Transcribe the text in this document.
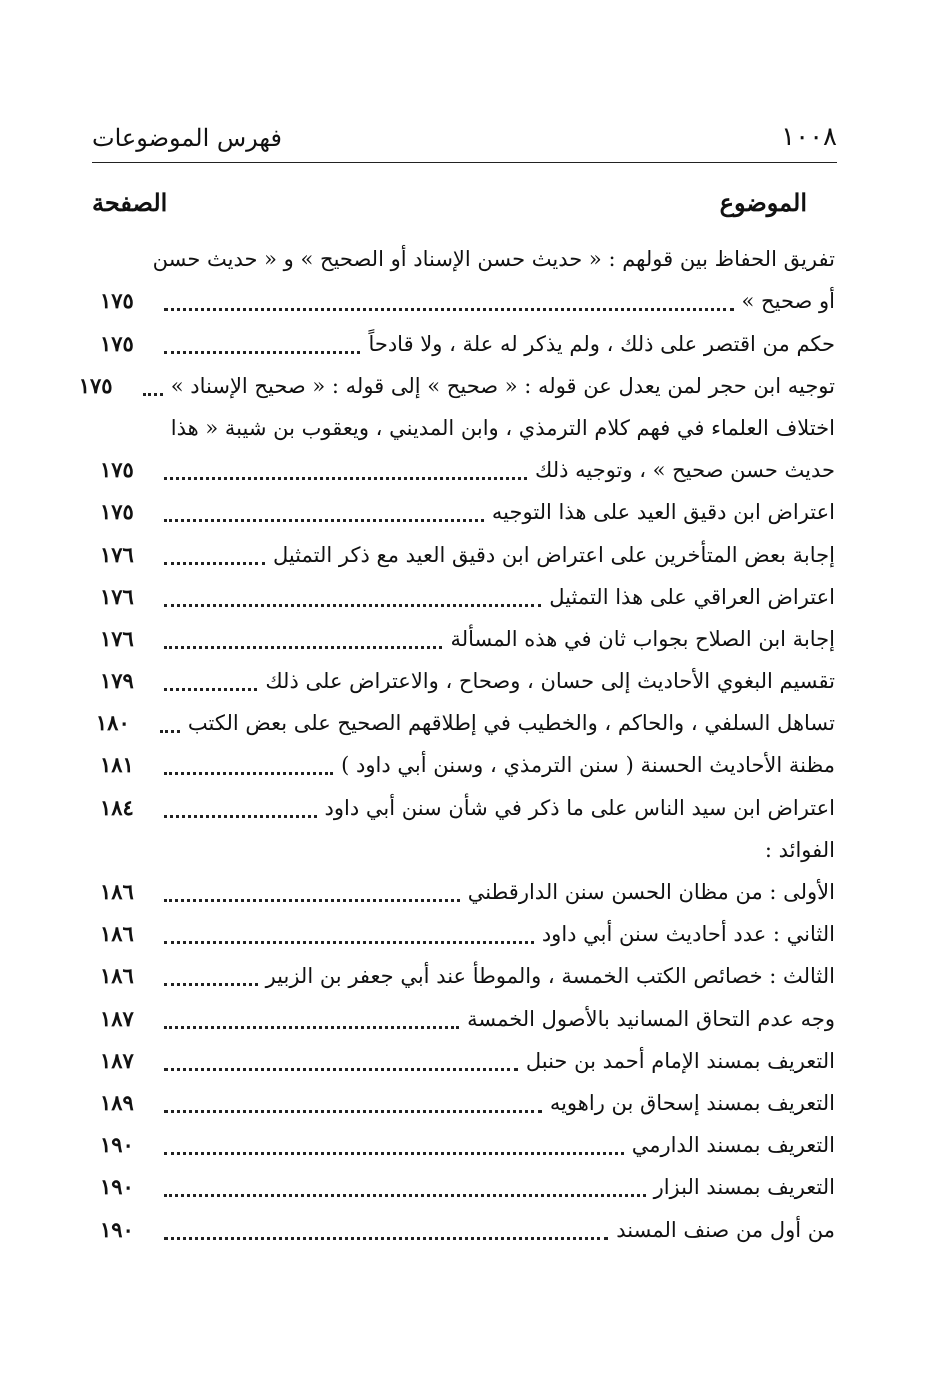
١٠٠٨
فهرس الموضوعات
الموضوع
الصفحة
تفريق الحفاظ بين قولهم : « حديث حسن الإسناد أو الصحيح » و « حديث حسن
أو صحيح »
١٧٥
حكم من اقتصر على ذلك ، ولم يذكر له علة ، ولا قادحاً
١٧٥
توجيه ابن حجر لمن يعدل عن قوله : « صحيح » إلى قوله : « صحيح الإسناد »
١٧٥
اختلاف العلماء في فهم كلام الترمذي ، وابن المديني ، ويعقوب بن شيبة « هذا
حديث حسن صحيح » ، وتوجيه ذلك
١٧٥
اعتراض ابن دقيق العيد على هذا التوجيه
١٧٥
إجابة بعض المتأخرين على اعتراض ابن دقيق العيد مع ذكر التمثيل
١٧٦
اعتراض العراقي على هذا التمثيل
١٧٦
إجابة ابن الصلاح بجواب ثان في هذه المسألة
١٧٦
تقسيم البغوي الأحاديث إلى حسان ، وصحاح ، والاعتراض على ذلك
١٧٩
تساهل السلفي ، والحاكم ، والخطيب في إطلاقهم الصحيح على بعض الكتب
١٨٠
مظنة الأحاديث الحسنة ( سنن الترمذي ، وسنن أبي داود )
١٨١
اعتراض ابن سيد الناس على ما ذكر في شأن سنن أبي داود
١٨٤
الفوائد :
الأولى : من مظان الحسن سنن الدارقطني
١٨٦
الثاني : عدد أحاديث سنن أبي داود
١٨٦
الثالث : خصائص الكتب الخمسة ، والموطأ عند أبي جعفر بن الزبير
١٨٦
وجه عدم التحاق المسانيد بالأصول الخمسة
١٨٧
التعريف بمسند الإمام أحمد بن حنبل
١٨٧
التعريف بمسند إسحاق بن راهويه
١٨٩
التعريف بمسند الدارمي
١٩٠
التعريف بمسند البزار
١٩٠
من أول من صنف المسند
١٩٠
